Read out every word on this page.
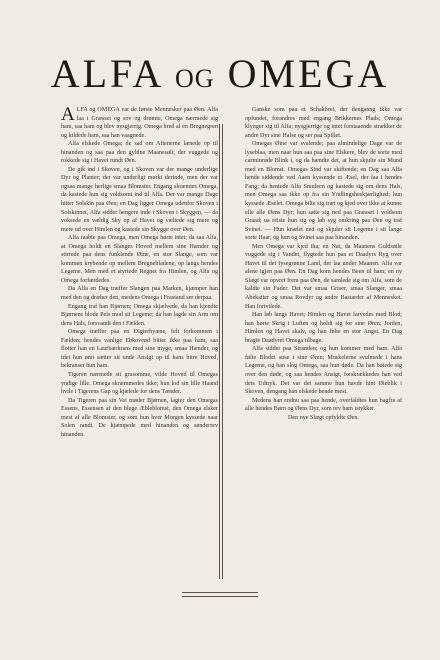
ALFA OG OMEGA

ALFA og OMEGA var de første Mennesker paa Øen. Alfa laa i Græsset og sov og drømte, Omega nærmede sig ham, saa ham og blev nysgjerrig. Omega bred al en Bregnegren og kildede ham, saa han vaagnede.

Alfa elskede Omega; de sad om Aftenerne lænede op til hinanden og saa paa den gyldne Maanesølt, der vuggede og rokkede sig i Havet rundt Øen.

De gik ind i Skoven, og i Skoven var der mange underlige Dyr og Planter; der var underligt mørkt derinde, men der var ogsaa mange herlige smaa Blomster. Engang skræmtes Omega, da kastede hun sig voldsomt ind til Alfa. Der var mange Dage hitter Solskin paa Øen; en Dag ligger Omega udenfor Skoven i Solskinnet, Alfa sidder længere inde i Skoven i Skyggen, — da voksede en vældig Sky op af Havet og væltede sig mere og mere ud over Himlen og kastede sin Skygge over Øen.

Alfa raabte paa Omega, men Omega hørte intet; da saa Alfa, at Omega holdt en Slanges Hoved mellem sine Hænder og stirrede paa dens funklende Øine, en stor Slange, som var kommen krybende op mellem Bregnebladene, op langs hendes Legeme. Men med et styrtede Regnet fra Himlen, og Alfa og Omega forfærdedes.

Da Alfa en Dag træffer Slangen paa Marken, kjæmper han med den og dræber den, medens Omega i Frastand ser derpaa.

Engang traf han Bjørnen; Omega skjælvede, da han kjendte Bjørnens blode Pels mod sit Legeme; da han lagde sin Arm om dens Hals, forsvandt den i Fælden.

Omega træffer paa en Digterhyæne, felt forkommen i Fælden; hendes vanlige Ebkoveød bitter ikke paa ham, saa flotter han en Laurbærkrans med sine myge, smaa Hænder, og idet hun ømt sætter sit unde Ansigt op til hans bitre Hoved, bekranser hun ham.

Tigeren nærmede sit grusomme, vilde Hoved til Omegas yndige lille. Omega skræmmedes ikke; hun lod sin lille Haand hvile i Tigerens Gap og kjælede for dens Tænder.

Da Tigeren paa sin Vei møder Bjørnen, lagter den Omegas Essens, Essensen af den blege Æbleblomst, den Omega elsker mest af alle Blomster, og som hun hver Morgen kyssede naar Solen randt. De kjæmpede med hinanden og sønderrev hinanden.

Ganske som paa et Schakbret, der denganng ikke var opfundet, forandres med engang Brikkernes Plads; Omega klynger sig til Alfa; nysgjerrige og intet forstaaende strækker de andre Dyr sine Halse og ser paa Spillet.

Omegas Øine var svalende; paa almindelige Dage var de lyseblaa, men naar hun saa paa sine Elskere, blev de sorte med carminrøde Blink i, og da hændte det, at hun skjulte sin Mund med en Blomst. Omegas Sind var skiftende; en Dag saa Alfa hende siddende ved Aaen kyssende et Æsel, der laa i hendes Fang; da hentede Alfa Smuleen og kastede sig om dens Hals, men Omega saa ikke op fra sin Yndlingsheskjærlighed; hun kyssede Æselet. Omega bilte sig træt og kjed over ikke at kunne elle alle Øens Dyr; hun satte sig ned paa Græsset i voldsom Graad; ua reiste hun sig og løb syg omkring paa Øen og traf Svinet. — Hun knælet ned og skjuler sit Legeme i sit lange sorte Haar, og hun og Svinet saa paa hinanden.

Men Omega var kjed iha; en Nat, da Maanens Guldsøile vuggede sig i Vandet, flygtede hun paa et Daadyrs Ryg over Havet til det fysegrønne Land, der laa under Maanen. Alfa var alene igjen paa Øen. En Dag kom hendes Been til ham; en ny Slægt var opvret frem paa Øen, de samlede sig om Alfa, som de kaldte sin Fader. Det var smaa Griser, smaa Slanger, smaa Abekatter og smaa Rovdyr og andre Bastarder af Mennesket. Han fortvilede.

Han løb langs Havet; Himlen og Havet farvedes med Blod; han hørte Skrig i Luften og holdt sig for sine Øren; Jorden, Himlen og Havet skalv, og han følte en stor Angst. En Dag bragte Daadyret Omega tilbage.

Alfa sidder paa Stranden; og hun kommer med ham. Alfa følte Blodet suse i sine Øren; Muskelerne svulmede i hans Legeme, og han slog Omega, saa hun døde. Da han bøiede sig over den døde, og saa hendes Ansigt, forskrækkedes han ved dets Udtryk. Det var det samme hun havde hint Øieblik i Skoven, dengang han elskede hende mest.

Medens han endnu saa paa hende, overfaldtes hun bagfra af alle hendes Børn og Øens Dyr, som rev ham istykker.

Den nye Slægt opfyldte Øen.
